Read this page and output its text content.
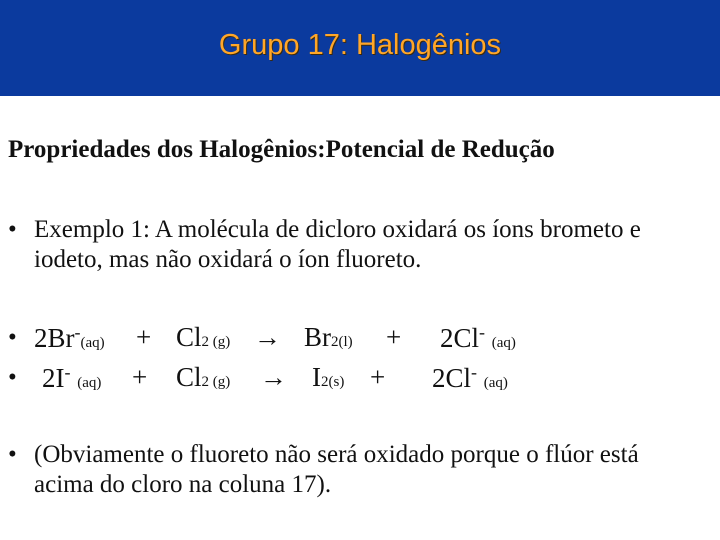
Grupo 17: Halogênios
Propriedades dos Halogênios:Potencial de Redução
• Exemplo 1: A molécula de dicloro oxidará os íons brometo e iodeto, mas não oxidará o íon fluoreto.
• 2Br-(aq) + Cl2 (g) → Br2(l) + 2Cl- (aq)
• 2I- (aq) + Cl2 (g) → I2(s) + 2Cl- (aq)
• (Obviamente o fluoreto não será oxidado porque o flúor está acima do cloro na coluna 17).
